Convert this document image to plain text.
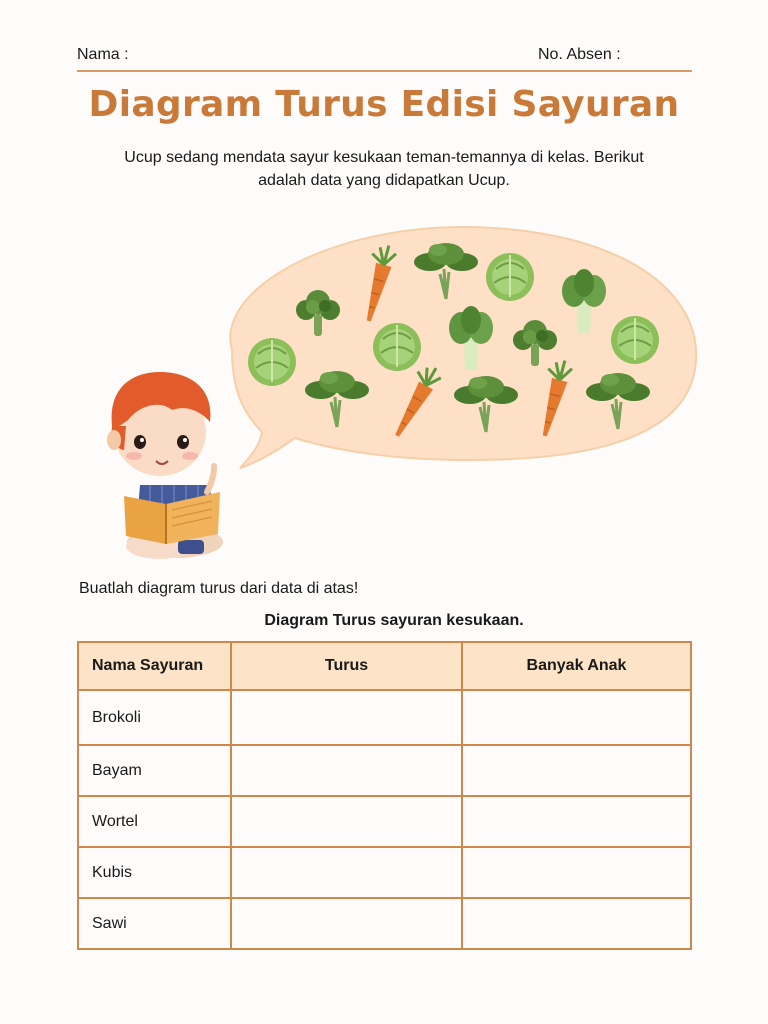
Nama :	No. Absen :
Diagram Turus Edisi Sayuran
Ucup sedang mendata sayur kesukaan teman-temannya di kelas. Berikut
adalah data yang didapatkan Ucup.
Buatlah diagram turus dari data di atas!
Diagram Turus sayuran kesukaan.
Nama Sayuran	Turus	Banyak Anak
Brokoli		
Bayam		
Wortel		
Kubis		
Sawi		
